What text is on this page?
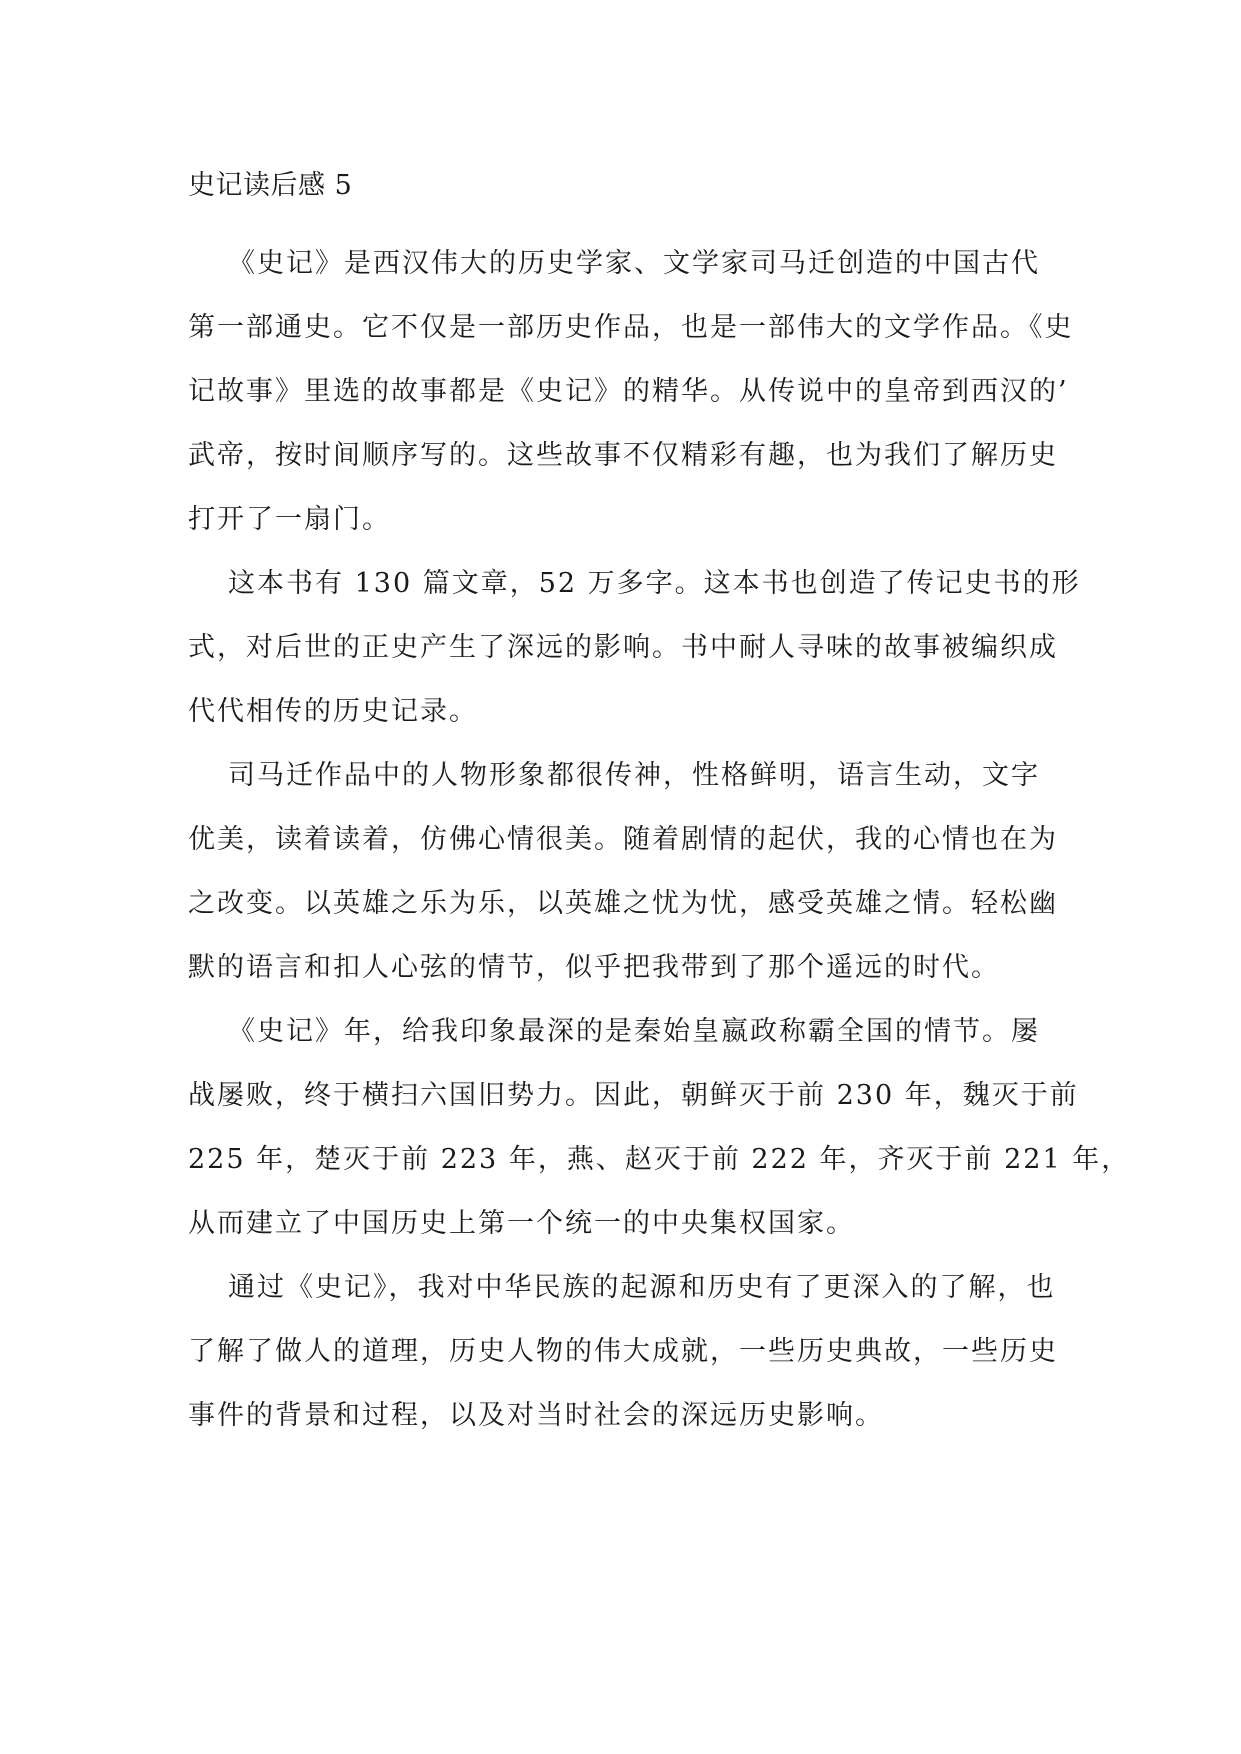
史记读后感 5
《史记》是西汉伟大的历史学家、文学家司马迁创造的中国古代
第一部通史。它不仅是一部历史作品，也是一部伟大的文学作品。《史
记故事》里选的故事都是《史记》的精华。从传说中的皇帝到西汉的’
武帝，按时间顺序写的。这些故事不仅精彩有趣，也为我们了解历史
打开了一扇门。
这本书有 130 篇文章，52 万多字。这本书也创造了传记史书的形
式，对后世的正史产生了深远的影响。书中耐人寻味的故事被编织成
代代相传的历史记录。
司马迁作品中的人物形象都很传神，性格鲜明，语言生动，文字
优美，读着读着，仿佛心情很美。随着剧情的起伏，我的心情也在为
之改变。以英雄之乐为乐，以英雄之忧为忧，感受英雄之情。轻松幽
默的语言和扣人心弦的情节，似乎把我带到了那个遥远的时代。
《史记》年，给我印象最深的是秦始皇嬴政称霸全国的情节。屡
战屡败，终于横扫六国旧势力。因此，朝鲜灭于前 230 年，魏灭于前
225 年，楚灭于前 223 年，燕、赵灭于前 222 年，齐灭于前 221 年，
从而建立了中国历史上第一个统一的中央集权国家。
通过《史记》，我对中华民族的起源和历史有了更深入的了解，也
了解了做人的道理，历史人物的伟大成就，一些历史典故，一些历史
事件的背景和过程，以及对当时社会的深远历史影响。
